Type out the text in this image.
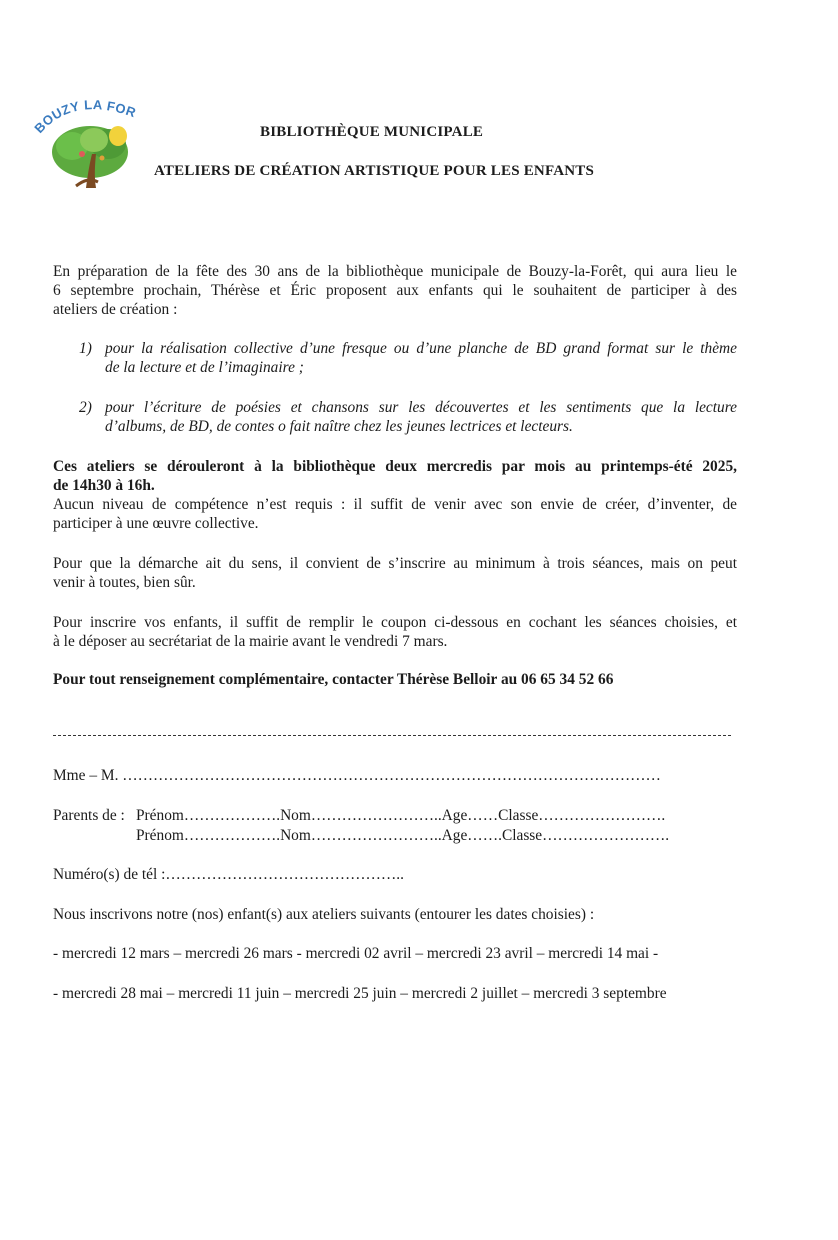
BOUZY LA FOR
BIBLIOTHÈQUE MUNICIPALE
ATELIERS DE CRÉATION ARTISTIQUE POUR LES ENFANTS
En préparation de la fête des 30 ans de la bibliothèque municipale de Bouzy-la-Forêt, qui aura lieu le
6 septembre prochain, Thérèse et Éric proposent aux enfants qui le souhaitent de participer à des
ateliers de création :
1) pour la réalisation collective d’une fresque ou d’une planche de BD grand format sur le thème
de la lecture et de l’imaginaire ;
2) pour l’écriture de poésies et chansons sur les découvertes et les sentiments que la lecture
d’albums, de BD, de contes o fait naître chez les jeunes lectrices et lecteurs.
Ces ateliers se dérouleront à la bibliothèque deux mercredis par mois au printemps-été 2025,
de 14h30 à 16h.
Aucun niveau de compétence n’est requis : il suffit de venir avec son envie de créer, d’inventer, de
participer à une œuvre collective.
Pour que la démarche ait du sens, il convient de s’inscrire au minimum à trois séances, mais on peut
venir à toutes, bien sûr.
Pour inscrire vos enfants, il suffit de remplir le coupon ci-dessous en cochant les séances choisies, et
à le déposer au secrétariat de la mairie avant le vendredi 7 mars.
Pour tout renseignement complémentaire, contacter Thérèse Belloir au 06 65 34 52 66
Mme – M. ……………………………………………………………………………………………
Parents de : Prénom……………….Nom……………………..Age……Classe…………………….
Prénom……………….Nom……………………..Age…….Classe…………………….
Numéro(s) de tél :………………………………………..
Nous inscrivons notre (nos) enfant(s) aux ateliers suivants (entourer les dates choisies) :
- mercredi 12 mars – mercredi 26 mars - mercredi 02 avril – mercredi 23 avril – mercredi 14 mai -
- mercredi 28 mai – mercredi 11 juin – mercredi 25 juin – mercredi 2 juillet – mercredi 3 septembre
